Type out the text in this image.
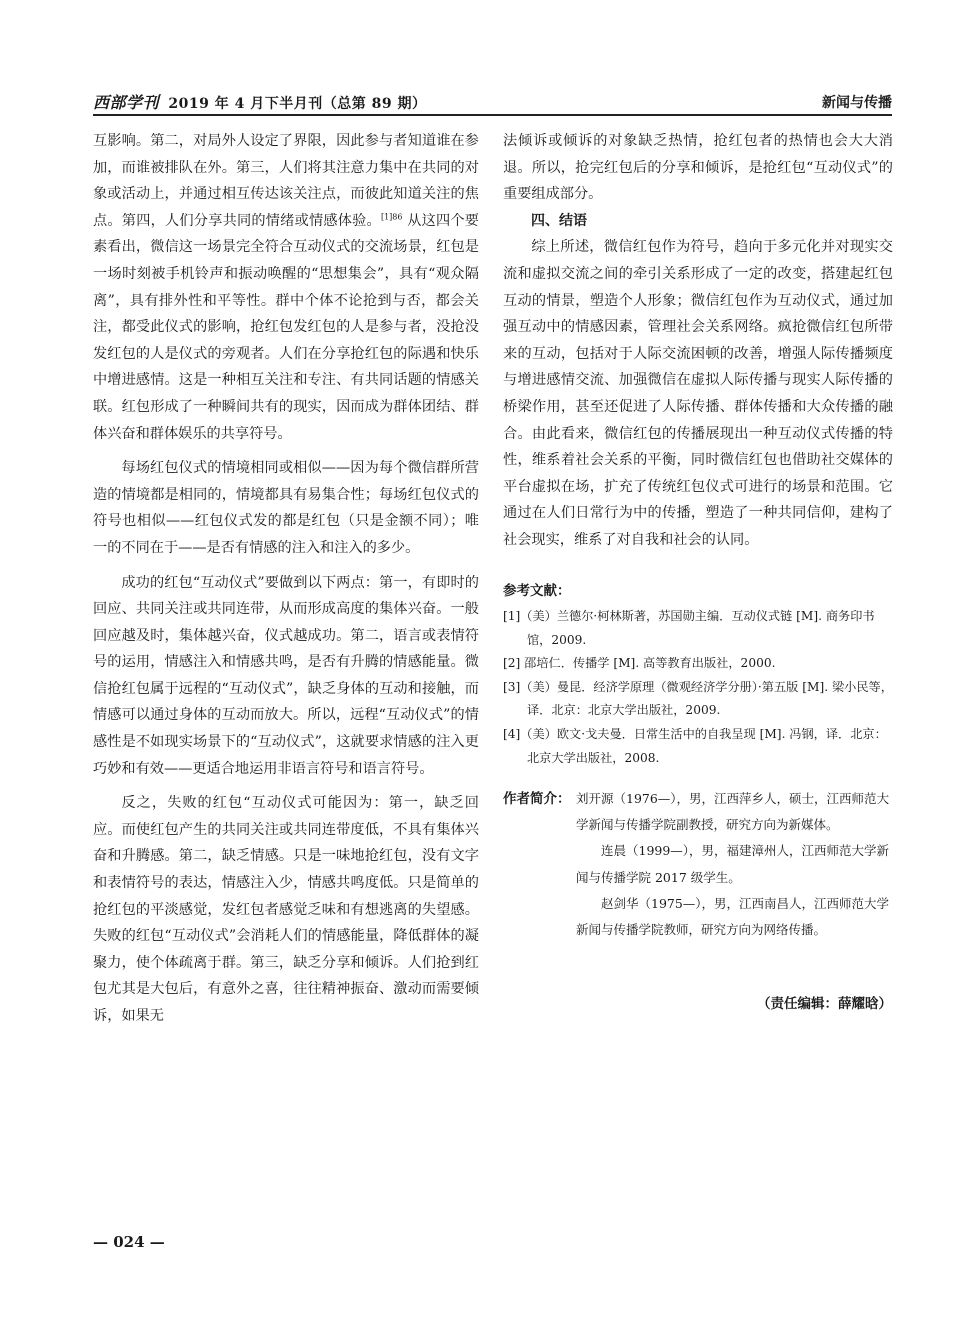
西部学刊 2019 年 4 月下半月刊（总第 89 期）	新闻与传播

互影响。第二，对局外人设定了界限，因此参与者知道谁在参加，而谁被排队在外。第三，人们将其注意力集中在共同的对象或活动上，并通过相互传达该关注点，而彼此知道关注的焦点。第四，人们分享共同的情绪或情感体验。$^{[1]86}$ 从这四个要素看出，微信这一场景完全符合互动仪式的交流场景，红包是一场时刻被手机铃声和振动唤醒的“思想集会”，具有“观众隔离”，具有排外性和平等性。群中个体不论抢到与否，都会关注，都受此仪式的影响，抢红包发红包的人是参与者，没抢没发红包的人是仪式的旁观者。人们在分享抢红包的际遇和快乐中增进感情。这是一种相互关注和专注、有共同话题的情感关联。红包形成了一种瞬间共有的现实，因而成为群体团结、群体兴奋和群体娱乐的共享符号。

每场红包仪式的情境相同或相似——因为每个微信群所营造的情境都是相同的，情境都具有易集合性；每场红包仪式的符号也相似——红包仪式发的都是红包（只是金额不同）；唯一的不同在于——是否有情感的注入和注入的多少。

成功的红包“互动仪式”要做到以下两点：第一，有即时的回应、共同关注或共同连带，从而形成高度的集体兴奋。一般回应越及时，集体越兴奋，仪式越成功。第二，语言或表情符号的运用，情感注入和情感共鸣，是否有升腾的情感能量。微信抢红包属于远程的“互动仪式”，缺乏身体的互动和接触，而情感可以通过身体的互动而放大。所以，远程“互动仪式”的情感性是不如现实场景下的“互动仪式”，这就要求情感的注入更巧妙和有效——更适合地运用非语言符号和语言符号。

反之，失败的红包“互动仪式可能因为：第一，缺乏回应。而使红包产生的共同关注或共同连带度低，不具有集体兴奋和升腾感。第二，缺乏情感。只是一味地抢红包，没有文字和表情符号的表达，情感注入少，情感共鸣度低。只是简单的抢红包的平淡感觉，发红包者感觉乏味和有想逃离的失望感。失败的红包“互动仪式”会消耗人们的情感能量，降低群体的凝聚力，使个体疏离于群。第三，缺乏分享和倾诉。人们抢到红包尤其是大包后，有意外之喜，往往精神振奋、激动而需要倾诉，如果无

法倾诉或倾诉的对象缺乏热情，抢红包者的热情也会大大消退。所以，抢完红包后的分享和倾诉，是抢红包“互动仪式”的重要组成部分。

四、结语

综上所述，微信红包作为符号，趋向于多元化并对现实交流和虚拟交流之间的牵引关系形成了一定的改变，搭建起红包互动的情景，塑造个人形象；微信红包作为互动仪式，通过加强互动中的情感因素，管理社会关系网络。疯抢微信红包所带来的互动，包括对于人际交流困顿的改善，增强人际传播频度与增进感情交流、加强微信在虚拟人际传播与现实人际传播的桥梁作用，甚至还促进了人际传播、群体传播和大众传播的融合。由此看来，微信红包的传播展现出一种互动仪式传播的特性，维系着社会关系的平衡，同时微信红包也借助社交媒体的平台虚拟在场，扩充了传统红包仪式可进行的场景和范围。它通过在人们日常行为中的传播，塑造了一种共同信仰，建构了社会现实，维系了对自我和社会的认同。

参考文献：

[1]（美）兰德尔·柯林斯著，苏国勋主编．互动仪式链 [M]. 商务印书馆，2009.

[2] 邵培仁．传播学 [M]. 高等教育出版社，2000.

[3]（美）曼昆．经济学原理（微观经济学分册）·第五版 [M]. 梁小民等，译．北京：北京大学出版社，2009.

[4]（美）欧文·戈夫曼．日常生活中的自我呈现 [M]. 冯钢，译．北京：北京大学出版社，2008.

作者简介： 刘开源（1976—），男，江西萍乡人，硕士，江西师范大学新闻与传播学院副教授，研究方向为新媒体。

连晨（1999—），男，福建漳州人，江西师范大学新闻与传播学院 2017 级学生。

赵剑华（1975—），男，江西南昌人，江西师范大学新闻与传播学院教师，研究方向为网络传播。

（责任编辑：薛耀晗）
— 024 —
